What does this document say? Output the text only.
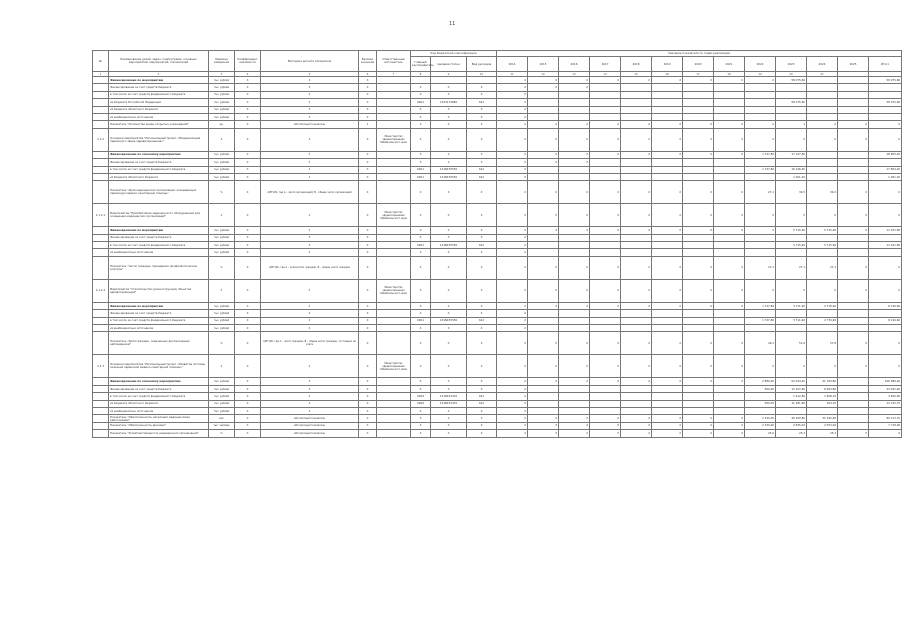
11
№	Наименование целей, задач, подпрограмм, основных мероприятий, мероприятий, показателей	Единица измерения	Коэффициент значимости	Методика расчета показателя	Базовое значение	Ответственный исполнитель	Код бюджетной классификации			Значение показателя по годам реализации												
							Главный распорядитель	Целевая статья	Вид расходов	2014	2015	2016	2017	2018	2019	2020	2021	2022	2023	2024	2025	Итого
1	2	3	4	5	6	7	8	9	10	11	12	13	14	15	16	17	18	19	20	21		
	Финансирование по мероприятию	тыс. рублей	X	X	X					X	X	X	X	X	X	X	X	X	58 075,60			58 075,60
	Финансирование за счет средств бюджета	тыс. рублей	X	X	X		X	X	X	X	X	X										
	в том числе за счет средств федерального бюджета	тыс. рублей	X	X	X		X	X	X	X												
	из бюджета Российской Федерации	тыс. рублей	X	X	X		0901	1323174980	612	X									58 075,60			58 075,60
	из бюджета областного бюджета	тыс. рублей	X	X	X		X	X	X	X												
	из внебюджетных источников	тыс. рублей	X	X	X		X	X	X	X												
	Показатель "Количество вновь открытых учреждений"	ед.	X	Абсолютный показатель	1		X	X	X	X	X	X	X	X	X	X	X	X	1	X	X	X
1.1.2	Основное мероприятие "Региональный проект «Модернизация первичного звена здравоохранения»"	X	X	X	X	Министерство здравоохранения Забайкальского края	X	X	X	X	X	X	X	X	X	X	X	X	X	X	X	X
	Финансирование по основному мероприятию	тыс. рублей	X	X	X		X	X	X	X	X	X	X	X	X	X	X	1 727,80	17 127,60			18 855,40
	Финансирование за счет средств бюджета	тыс. рублей	X	X	X		X	X	X	X	X	X										
	в том числе за счет средств федерального бюджета	тыс. рублей	X	X	X		0901	131N155550	612	X								1 727,80	16 126,40			17 854,20
	из бюджета областного бюджета	тыс. рублей	X	X	X		0901	131N155550	612	X									1 001,20			1 001,20
	Показатель "Доля медицинских организаций, оказывающих первичную медико-санитарную помощь"	%	X	А/В*100, где А – число организаций; В – общее число организаций	X		X	X	X	X	X	X	X	X	X	X	X	27,1	34,5	39,2	X	X
1.1.2.1	Мероприятие "Приобретение медицинского оборудования для оснащения медицинских организаций"	X	X	X	X	Министерство здравоохранения Забайкальского края	X	X	X	X	X	X	X	X	X	X	X	X	X	X	X	X
	Финансирование по мероприятию	тыс. рублей	X	X	X		X	X	X	X	X	X	X	X	X	X	X	X	5 715,90	5 715,90	X	11 431,80
	Финансирование за счет средств бюджета	тыс. рублей	X	X	X		X	X	X	X												
	в том числе за счет средств федерального бюджета	тыс. рублей	X	X	X		0901	131N155550	612	X									5 715,90	5 715,90		11 431,80
	из внебюджетных источников	тыс. рублей	X	X	X		X	X	X	X												
	Показатель "Число граждан, прошедших профилактические осмотры"	%	X	А/В*100, где А – количество граждан; В – общее число граждан	X		X	X	X	X	X	X	X	X	X	X	X	27,1	27,1	27,1	X	X
1.1.2.2	Мероприятие "Строительство (реконструкция) объектов здравоохранения"	X	X	X	X	Министерство здравоохранения Забайкальского края	X	X	X	X	X	X	X	X	X	X	X	X	X	X	X	X
	Финансирование по мероприятию	тыс. рублей	X	X	X		X	X	X	X	X	X	X	X	X	X	X	1 727,80	3 711,90	2 776,90		8 216,60
	Финансирование за счет средств бюджета	тыс. рублей	X	X	X		X	X	X	X												
	в том числе за счет средств федерального бюджета	тыс. рублей	X	X	X		0901	131N155550	612	X								1 727,80	3 711,90	2 776,90		8 216,60
	из внебюджетных источников	тыс. рублей	X	X	X		X	X	X	X												
	Показатель "Доля граждан, охваченных диспансерным наблюдением"	%	X	А/В*100, где А – число граждан; В – общее число граждан, состоящих на учете	X		X	X	X	X	X	X	X	X	X	X	X	49,1	51,6	57,8	X	X
1.1.3	Основное мероприятие "Региональный проект «Развитие системы оказания первичной медико-санитарной помощи»"	X	X	X	X	Министерство здравоохранения Забайкальского края	X	X	X	X	X	X	X	X	X	X	X	X	X	X	X	X
	Финансирование по основному мероприятию	тыс. рублей	X	X	X		X	X	X	X	X	X	X	X	X	X	X	2 880,00	62 044,40	41 764,80		106 689,20
	Финансирование за счет средств бюджета	тыс. рублей	X	X	X		X	X	X	X								560,00	15 107,60	8 263,80		23 931,40
	в том числе за счет средств федерального бюджета	тыс. рублей	X	X	X		0909	131N152470	612	X									1 912,80	1 908,10		3 820,90
	из бюджета областного бюджета	тыс. рублей	X	X	X		0909	131N152470	612	X								560,00	11 281,60	304,10		12 145,70
	из внебюджетных источников	тыс. рублей	X	X	X		X	X	X	X												
	Показатель "Обеспеченность населения медицинскими работниками"	чел.	X	Абсолютный показатель	X		X	X	X	X	X	X	X	X	X	X	X	2 320,00	46 200,80	31 592,90		80 113,70
	Показатель "Обеспеченность врачами"	тыс. человек	X	Абсолютный показатель	X		X	X	X	X	X	X	X	X	X	X	X	2 320,00	2 845,00	2 553,00		7 718,00
	Показатель "Укомплектованность медицинских организаций"	%	X	Абсолютный показатель	X		X	X	X	X	X	X	X	X	X	X	X	25,0	25,2	25,3	X	X
